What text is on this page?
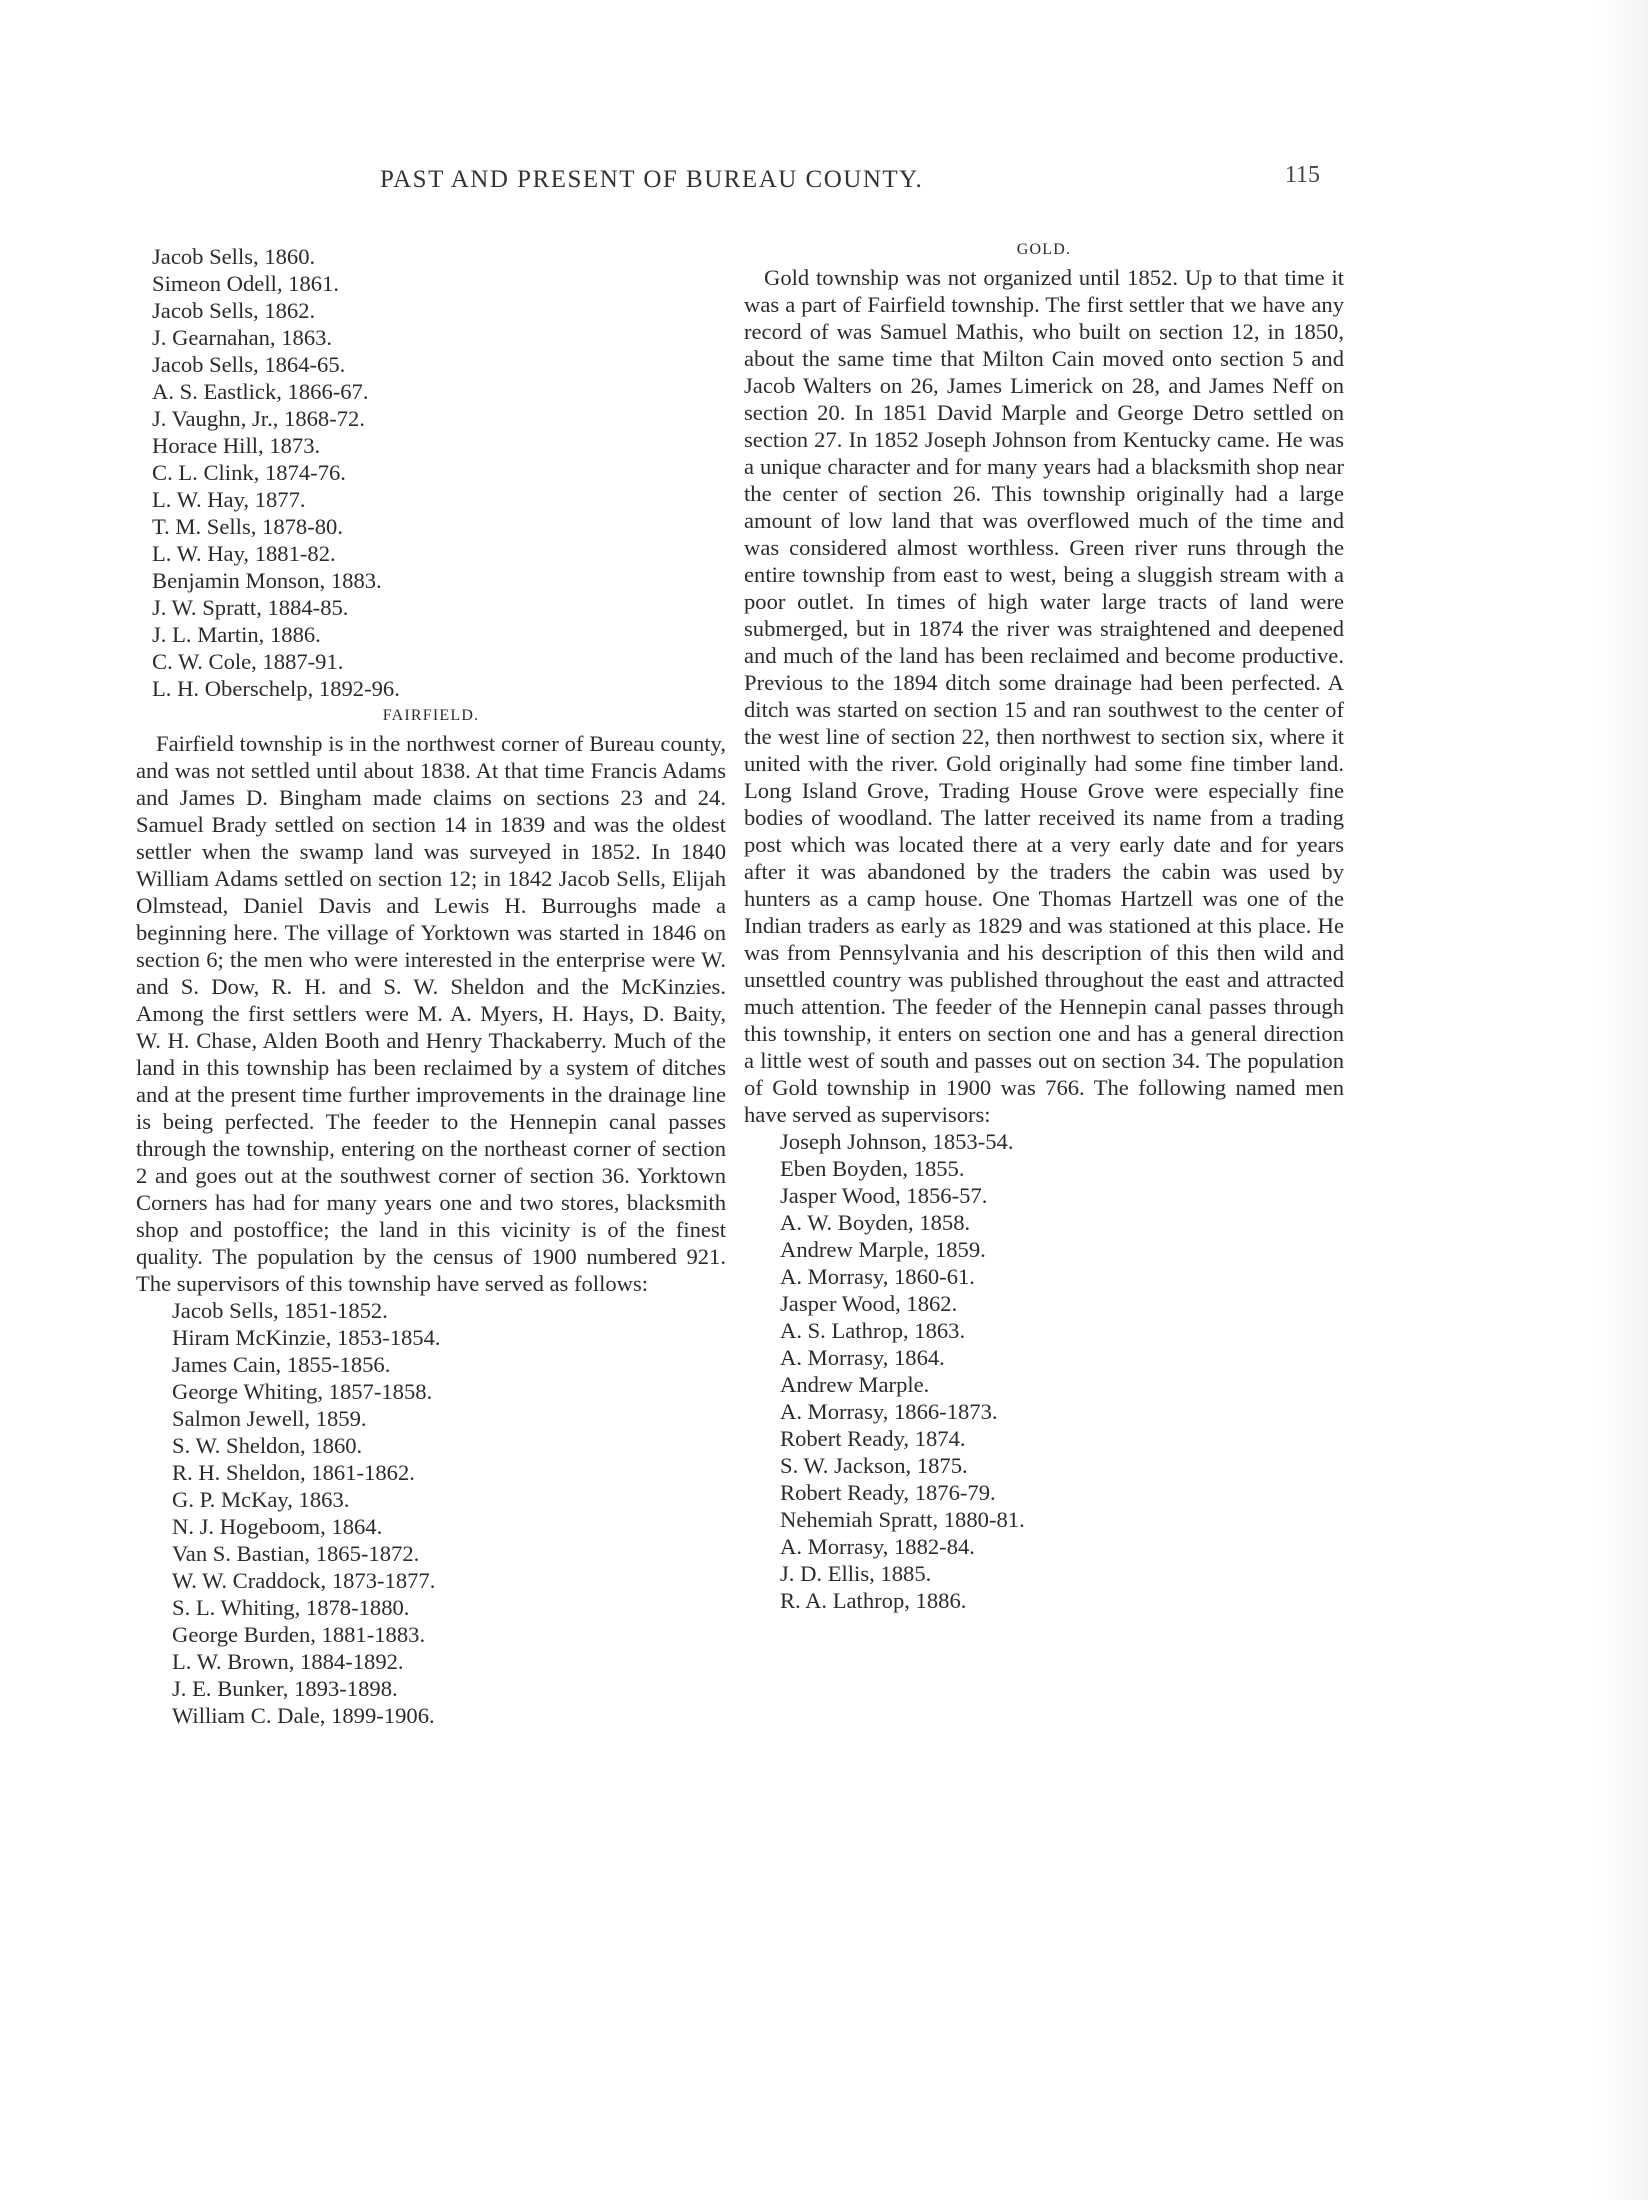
PAST AND PRESENT OF BUREAU COUNTY.	115
Jacob Sells, 1860.
Simeon Odell, 1861.
Jacob Sells, 1862.
J. Gearnahan, 1863.
Jacob Sells, 1864-65.
A. S. Eastlick, 1866-67.
J. Vaughn, Jr., 1868-72.
Horace Hill, 1873.
C. L. Clink, 1874-76.
L. W. Hay, 1877.
T. M. Sells, 1878-80.
L. W. Hay, 1881-82.
Benjamin Monson, 1883.
J. W. Spratt, 1884-85.
J. L. Martin, 1886.
C. W. Cole, 1887-91.
L. H. Oberschelp, 1892-96.
FAIRFIELD.

Fairfield township is in the northwest corner of Bureau county, and was not settled until about 1838. At that time Francis Adams and James D. Bingham made claims on sections 23 and 24. Samuel Brady settled on section 14 in 1839 and was the oldest settler when the swamp land was surveyed in 1852. In 1840 William Adams settled on section 12; in 1842 Jacob Sells, Elijah Olmstead, Daniel Davis and Lewis H. Burroughs made a beginning here. The village of Yorktown was started in 1846 on section 6; the men who were interested in the enterprise were W. and S. Dow, R. H. and S. W. Sheldon and the McKinzies. Among the first settlers were M. A. Myers, H. Hays, D. Baity, W. H. Chase, Alden Booth and Henry Thackaberry. Much of the land in this township has been reclaimed by a system of ditches and at the present time further improvements in the drainage line is being perfected. The feeder to the Hennepin canal passes through the township, entering on the northeast corner of section 2 and goes out at the southwest corner of section 36. Yorktown Corners has had for many years one and two stores, blacksmith shop and postoffice; the land in this vicinity is of the finest quality. The population by the census of 1900 numbered 921. The supervisors of this township have served as follows:

Jacob Sells, 1851-1852.
Hiram McKinzie, 1853-1854.
James Cain, 1855-1856.
George Whiting, 1857-1858.
Salmon Jewell, 1859.
S. W. Sheldon, 1860.
R. H. Sheldon, 1861-1862.
G. P. McKay, 1863.
N. J. Hogeboom, 1864.
Van S. Bastian, 1865-1872.
W. W. Craddock, 1873-1877.
S. L. Whiting, 1878-1880.
George Burden, 1881-1883.
L. W. Brown, 1884-1892.
J. E. Bunker, 1893-1898.
William C. Dale, 1899-1906.
GOLD.

Gold township was not organized until 1852. Up to that time it was a part of Fairfield township. The first settler that we have any record of was Samuel Mathis, who built on section 12, in 1850, about the same time that Milton Cain moved onto section 5 and Jacob Walters on 26, James Limerick on 28, and James Neff on section 20. In 1851 David Marple and George Detro settled on section 27. In 1852 Joseph Johnson from Kentucky came. He was a unique character and for many years had a blacksmith shop near the center of section 26. This township originally had a large amount of low land that was overflowed much of the time and was considered almost worthless. Green river runs through the entire township from east to west, being a sluggish stream with a poor outlet. In times of high water large tracts of land were submerged, but in 1874 the river was straightened and deepened and much of the land has been reclaimed and become productive. Previous to the 1894 ditch some drainage had been perfected. A ditch was started on section 15 and ran southwest to the center of the west line of section 22, then northwest to section six, where it united with the river. Gold originally had some fine timber land. Long Island Grove, Trading House Grove were especially fine bodies of woodland. The latter received its name from a trading post which was located there at a very early date and for years after it was abandoned by the traders the cabin was used by hunters as a camp house. One Thomas Hartzell was one of the Indian traders as early as 1829 and was stationed at this place. He was from Pennsylvania and his description of this then wild and unsettled country was published throughout the east and attracted much attention. The feeder of the Hennepin canal passes through this township, it enters on section one and has a general direction a little west of south and passes out on section 34. The population of Gold township in 1900 was 766. The following named men have served as supervisors:

Joseph Johnson, 1853-54.
Eben Boyden, 1855.
Jasper Wood, 1856-57.
A. W. Boyden, 1858.
Andrew Marple, 1859.
A. Morrasy, 1860-61.
Jasper Wood, 1862.
A. S. Lathrop, 1863.
A. Morrasy, 1864.
Andrew Marple.
A. Morrasy, 1866-1873.
Robert Ready, 1874.
S. W. Jackson, 1875.
Robert Ready, 1876-79.
Nehemiah Spratt, 1880-81.
A. Morrasy, 1882-84.
J. D. Ellis, 1885.
R. A. Lathrop, 1886.
